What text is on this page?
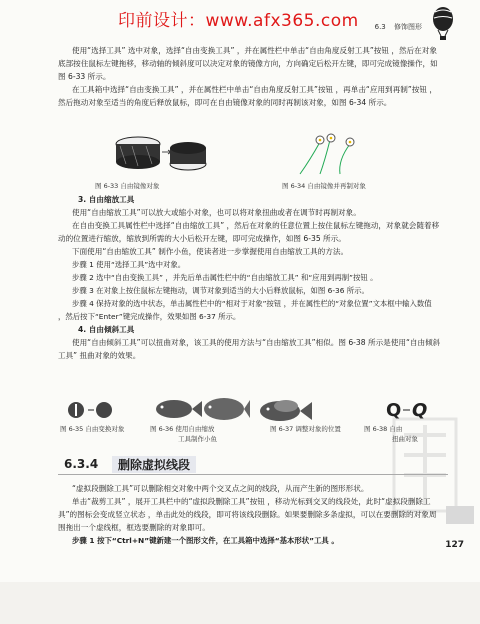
印前设计：www.afx365.com 6.3 修饰图形

使用“选择工具” 选中对象，选择“自由变换工具” ，并在属性栏中单击“自由角度反射工具”按钮 ，然后在对象底部按住鼠标左键拖移，移动轴的倾斜度可以决定对象的镜像方向，方向确定后松开左键，即可完成镜像操作，如图 6-33 所示。

在工具箱中选择“自由变换工具” ，并在属性栏中单击“自由角度反射工具”按钮 ，再单击“应用到再制”按钮 ，然后拖动对象至适当的角度后释放鼠标，即可在自由镜像对象的同时再制该对象，如图 6-34 所示。

图 6-33 自由镜像对象	图 6-34 自由镜像并再制对象

3. 自由缩放工具

使用“自由缩放工具”可以放大或缩小对象，也可以将对象扭曲或者在调节时再制对象。

在自由变换工具属性栏中选择“自由缩放工具” ，然后在对象的任意位置上按住鼠标左键拖动，对象就会随着移动的位置进行缩放，缩放到所需的大小后松开左键，即可完成操作，如图 6-35 所示。

下面使用“自由缩放工具” 制作小鱼，使读者进一步掌握使用自由缩放工具的方法。

步骤 1 使用“选择工具”选中对象。

步骤 2 选中“自由变换工具” ，并先后单击属性栏中的“自由缩放工具” 和“应用到再制”按钮 。

步骤 3 在对象上按住鼠标左键拖动，调节对象到适当的大小后释放鼠标，如图 6-36 所示。

步骤 4 保持对象的选中状态，单击属性栏中的“相对于对象”按钮 ，并在属性栏的“对象位置”文本框中输入数值 ，然后按下“Enter”键完成操作，效果如图 6-37 所示。

4. 自由倾斜工具

使用“自由倾斜工具”可以扭曲对象，该工具的使用方法与“自由缩放工具”相似。图 6-38 所示是使用“自由倾斜工具” 扭曲对象的效果。

图 6-35 自由变换对象	图 6-36 使用自由缩放
工具制作小鱼
图 6-37 调整对象的位置
Q Q
图 6-38 自由
扭曲对象
6.3.4	删除虚拟线段

“虚拟段删除工具”可以删除相交对象中两个交叉点之间的线段，从而产生新的图形形状。

单击“裁剪工具” ，展开工具栏中的“虚拟段删除工具”按钮 ，移动光标到交叉的线段处，此时“虚拟段删除工具”的图标会变成竖立状态 ，单击此处的线段，即可将该线段删除。如果要删除多条虚拟，可以在要删除的对象周围拖出一个虚线框，框选要删除的对象即可。

步骤 1 按下“Ctrl+N”键新建一个图形文件，在工具箱中选择“基本形状”工具 。	127
